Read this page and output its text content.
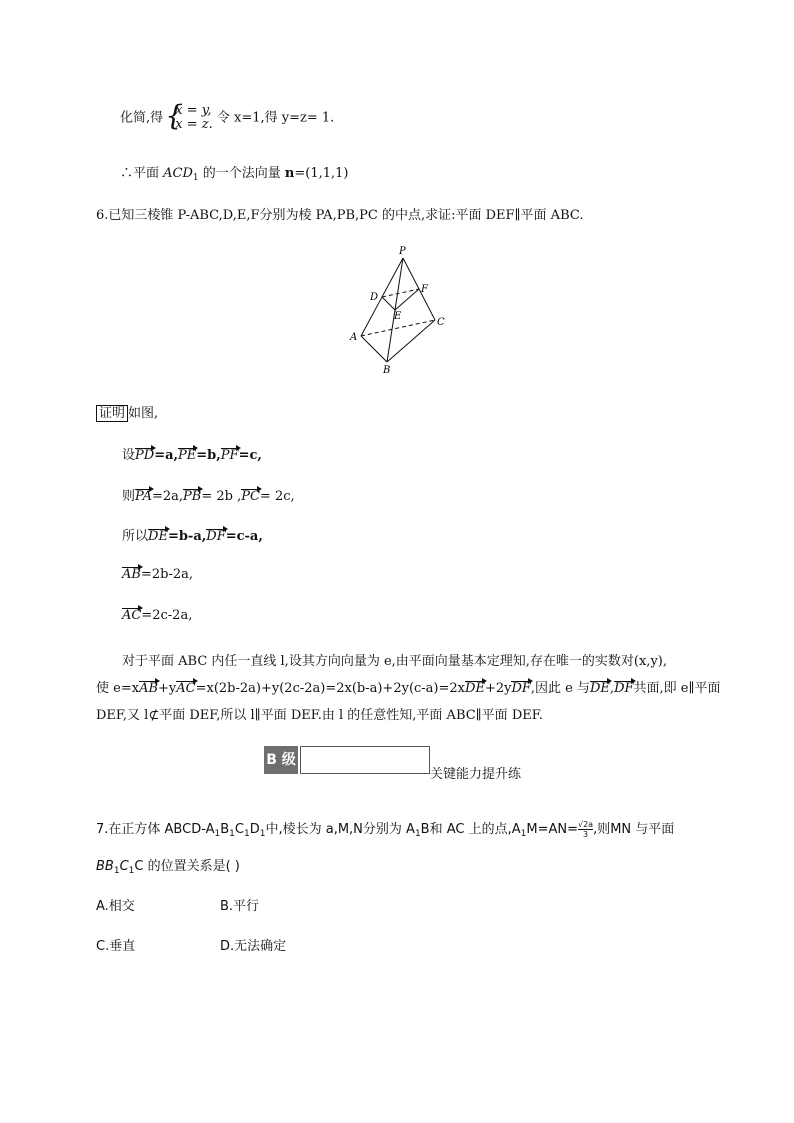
化简,得
{ x = y,
x = z. 令 x=1,得 y=z= 1.
∴平面 $ACD_1$ 的一个法向量 n=(1,1,1)
6.已知三棱锥 P-ABC,D,E,F分别为棱 PA,PB,PC 的中点,求证:平面 DEF∥平面 ABC.
P
D
F
E
A
B
C
证明 如图,
设PD=a,PE=b,PF=c,
则PA=2a,PB= 2b ,PC= 2c,
所以DE=b-a,DF=c-a,
AB=2b-2a,
AC=2c-2a,
对于平面 ABC 内任一直线 l,设其方向向量为 e,由平面向量基本定理知,存在唯一的实数对(x,y),
使 e=xAB+yAC=x(2b-2a)+y(2c-2a)=2x(b-a)+2y(c-a)=2xDE+2yDF,因此 e 与DE,DF共面,即 e∥平面
DEF,又 l⊄平面 DEF,所以 l∥平面 DEF.由 l 的任意性知,平面 ABC∥平面 DEF.
B 级
关键能力提升练
7.在正方体 ABCD-$A_1B_1C_1D_1$中,棱长为 a,M,N分别为 $A_1B$和 AC 上的点$,A_1M=AN= \frac{√2a}{3}$ ,则MN 与平面
$BB_1C_1C$ 的位置关系是( )
A.相交	B.平行
C.垂直	D.无法确定
